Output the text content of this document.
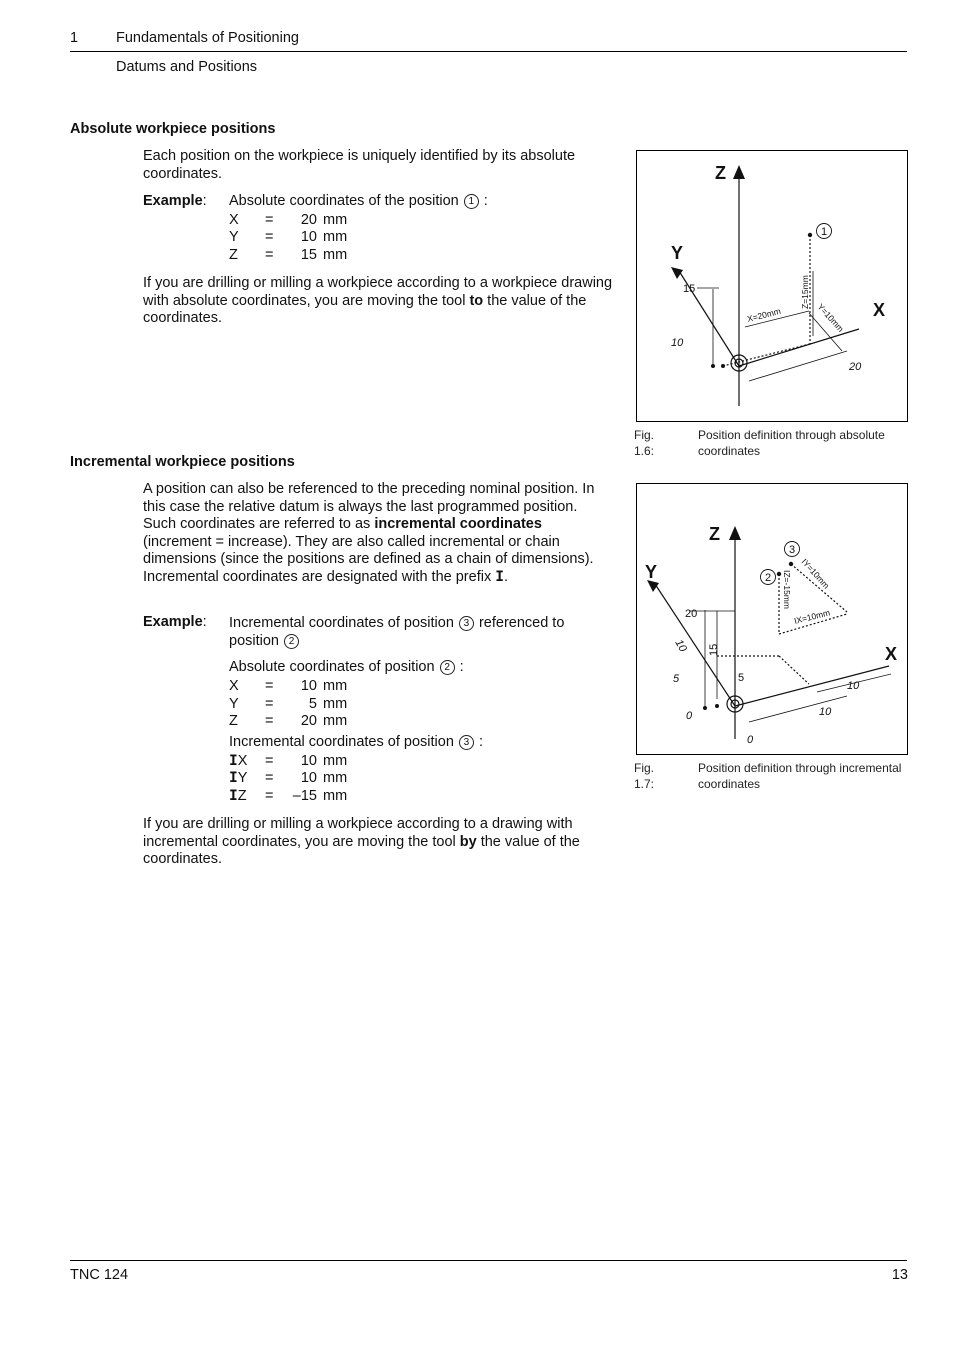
1	Fundamentals of Positioning
Datums and Positions
Absolute workpiece positions
Each position on the workpiece is uniquely identified by its absolute coordinates.
Example: Absolute coordinates of the position 1 :
X = 20 mm
Y = 10 mm
Z = 15 mm
If you are drilling or milling a workpiece according to a workpiece drawing with absolute coordinates, you are moving the tool to the value of the coordinates.
Z
Y
X
1
15
10
20
X=20mm
Z=15mm
Y=10mm
Fig. 1.6:
Position definition through absolute coordinates
Incremental workpiece positions
A position can also be referenced to the preceding nominal position. In this case the relative datum is always the last programmed position. Such coordinates are referred to as incremental coordinates (increment = increase). They are also called incremental or chain dimensions (since the positions are defined as a chain of dimensions). Incremental coordinates are designated with the prefix I.
Example: Incremental coordinates of position 3 referenced to position 2
Absolute coordinates of position 2 :
X = 10 mm
Y = 5 mm
Z = 20 mm
Incremental coordinates of position 3 :
IX = 10 mm
IY = 10 mm
IZ = –15 mm
If you are drilling or milling a workpiece according to a drawing with incremental coordinates, you are moving the tool by the value of the coordinates.
Z
Y
X
3
2	IY=10mm
IZ=-15mm
IX=10mm
20
10 15
5	5
0
0
10
10
Fig. 1.7:
Position definition through incremental coordinates
TNC 124	13
